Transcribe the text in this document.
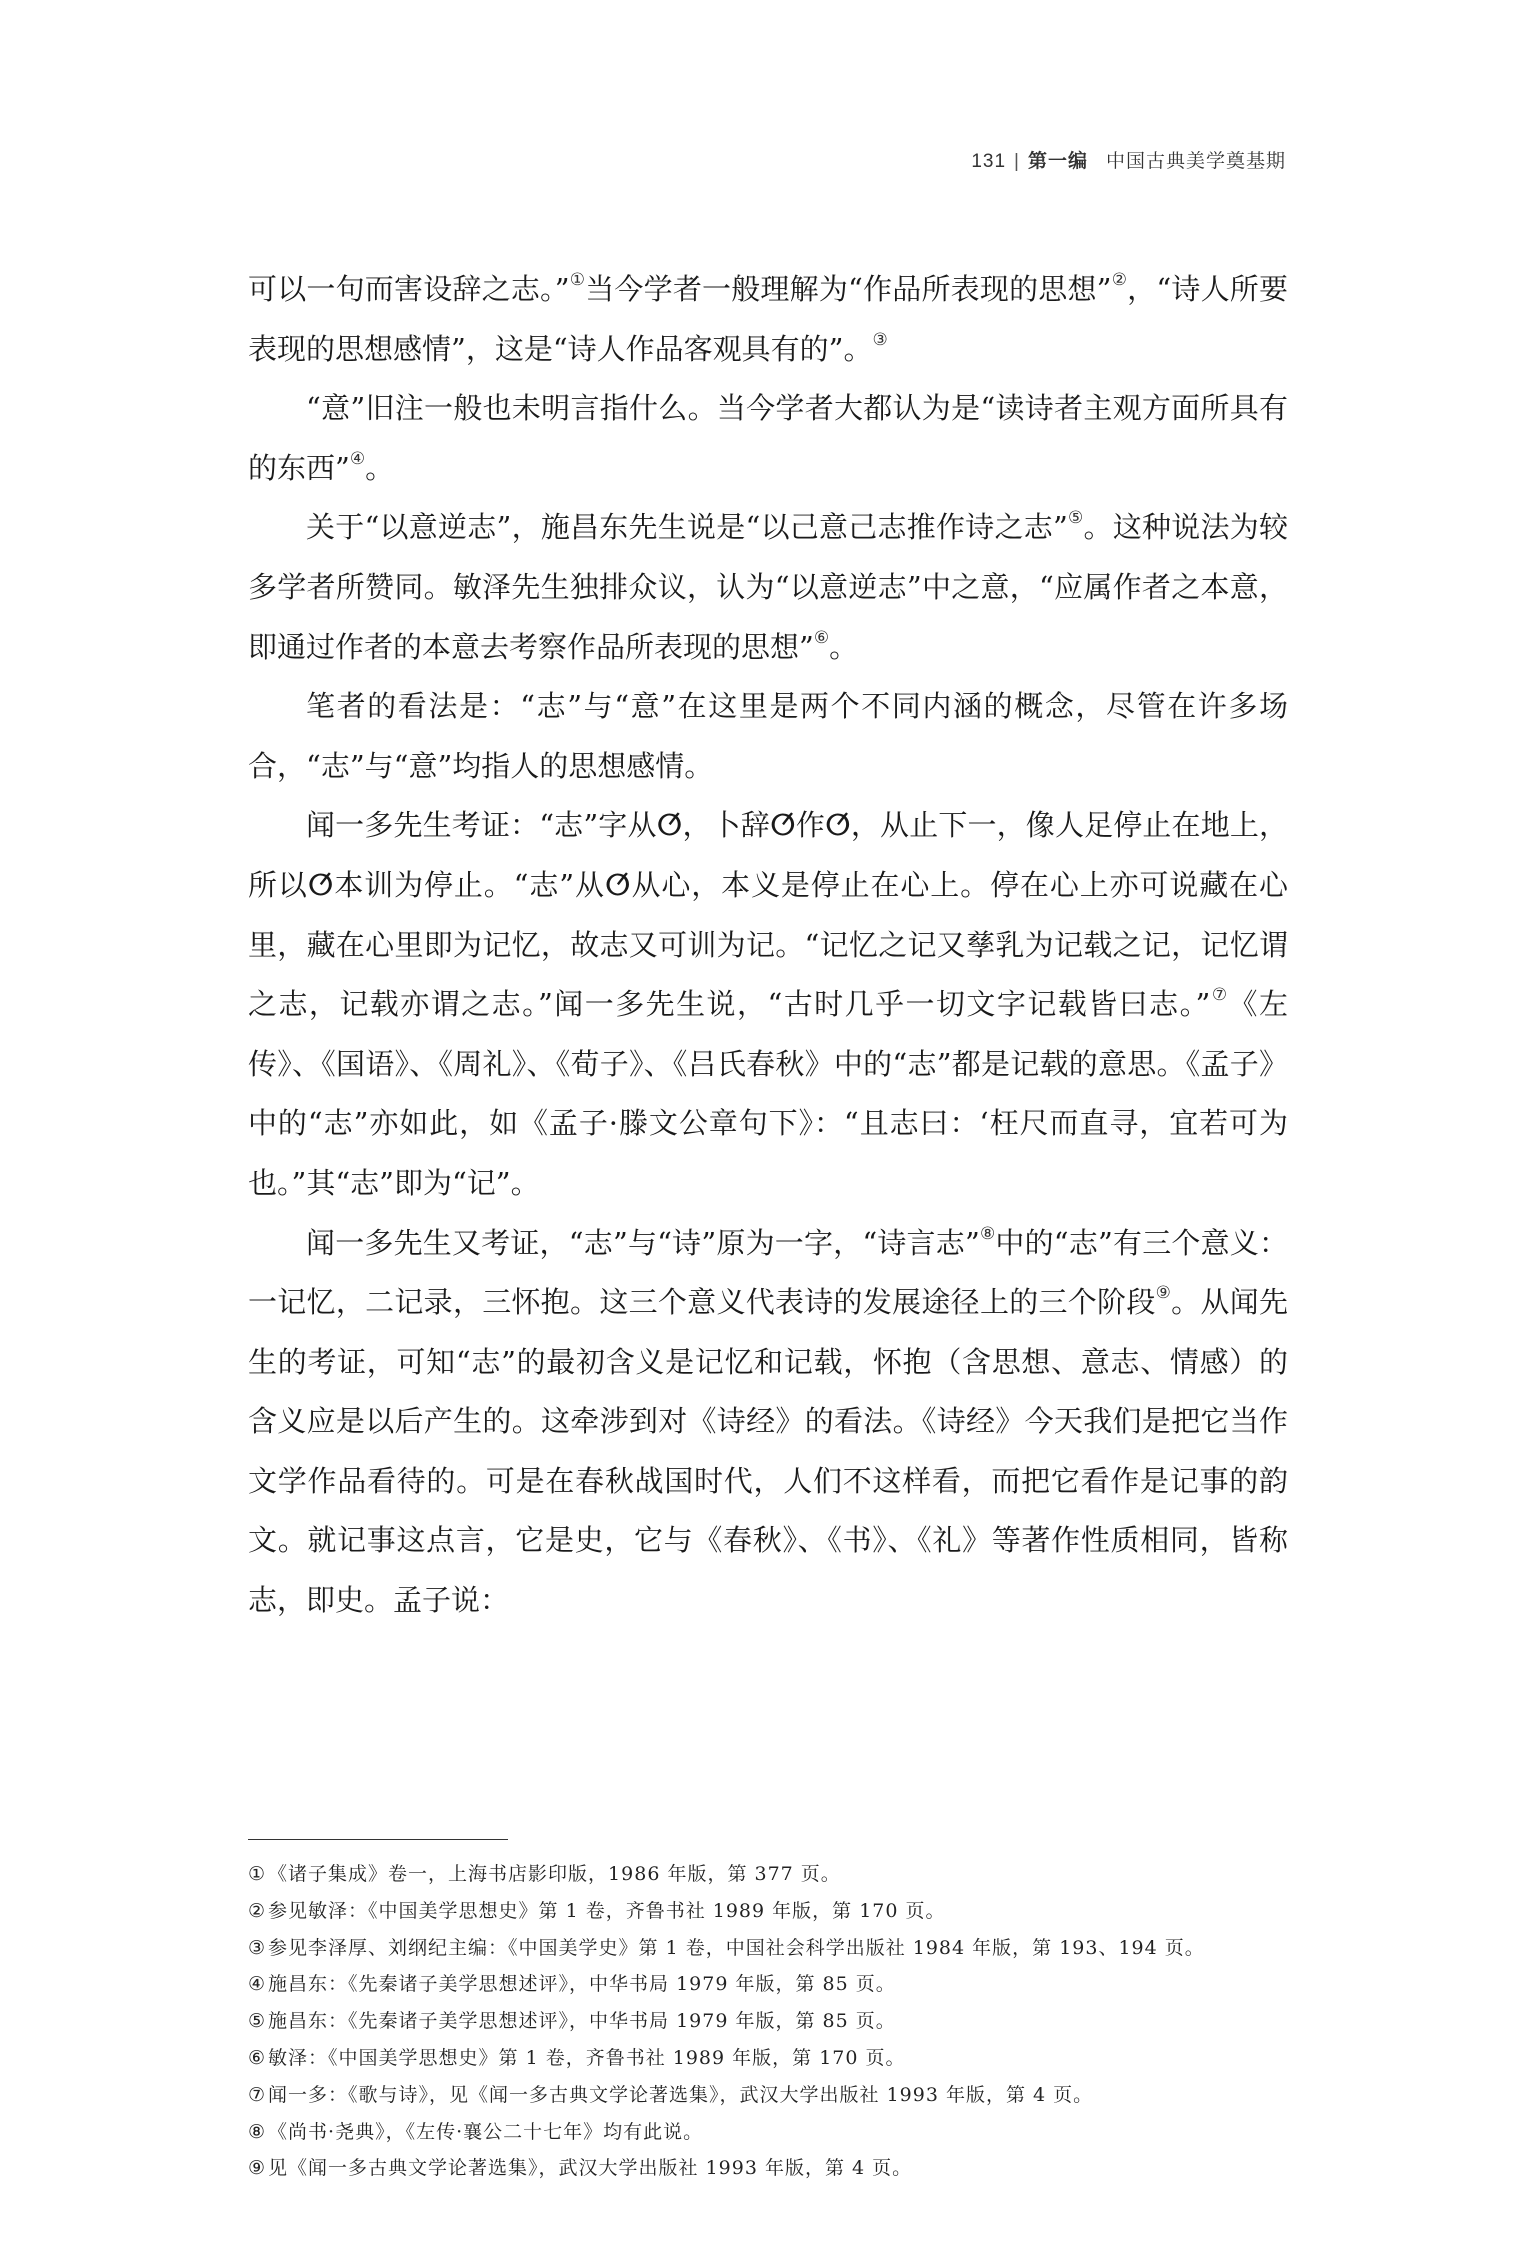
131 | 第一编 中国古典美学奠基期

可以一句而害设辞之志。”①当今学者一般理解为“作品所表现的思想”②，“诗人所要表现的思想感情”，这是“诗人作品客观具有的”。③

“意”旧注一般也未明言指什么。当今学者大都认为是“读诗者主观方面所具有的东西”④。

关于“以意逆志”，施昌东先生说是“以己意己志推作诗之志”⑤。这种说法为较多学者所赞同。敏泽先生独排众议，认为“以意逆志”中之意，“应属作者之本意，即通过作者的本意去考察作品所表现的思想”⑥。

笔者的看法是：“志”与“意”在这里是两个不同内涵的概念，尽管在许多场合，“志”与“意”均指人的思想感情。

闻一多先生考证：“志”字从ⵚ，卜辞ⵚ作ⵚ，从止下一，像人足停止在地上，所以ⵚ本训为停止。“志”从ⵚ从心，本义是停止在心上。停在心上亦可说藏在心里，藏在心里即为记忆，故志又可训为记。“记忆之记又孳乳为记载之记，记忆谓之志，记载亦谓之志。”闻一多先生说，“古时几乎一切文字记载皆曰志。”⑦《左传》、《国语》、《周礼》、《荀子》、《吕氏春秋》中的“志”都是记载的意思。《孟子》中的“志”亦如此，如《孟子·滕文公章句下》：“且志曰：‘枉尺而直寻，宜若可为也。”其“志”即为“记”。

闻一多先生又考证，“志”与“诗”原为一字，“诗言志”⑧中的“志”有三个意义：一记忆，二记录，三怀抱。这三个意义代表诗的发展途径上的三个阶段⑨。从闻先生的考证，可知“志”的最初含义是记忆和记载，怀抱（含思想、意志、情感）的含义应是以后产生的。这牵涉到对《诗经》的看法。《诗经》今天我们是把它当作文学作品看待的。可是在春秋战国时代，人们不这样看，而把它看作是记事的韵文。就记事这点言，它是史，它与《春秋》、《书》、《礼》等著作性质相同，皆称志，即史。孟子说：

① 《诸子集成》卷一，上海书店影印版，1986 年版，第 377 页。
② 参见敏泽：《中国美学思想史》第 1 卷，齐鲁书社 1989 年版，第 170 页。
③ 参见李泽厚、刘纲纪主编：《中国美学史》第 1 卷，中国社会科学出版社 1984 年版，第 193、194 页。
④ 施昌东：《先秦诸子美学思想述评》，中华书局 1979 年版，第 85 页。
⑤ 施昌东：《先秦诸子美学思想述评》，中华书局 1979 年版，第 85 页。
⑥ 敏泽：《中国美学思想史》第 1 卷，齐鲁书社 1989 年版，第 170 页。
⑦ 闻一多：《歌与诗》，见《闻一多古典文学论著选集》，武汉大学出版社 1993 年版，第 4 页。
⑧ 《尚书·尧典》，《左传·襄公二十七年》均有此说。
⑨ 见《闻一多古典文学论著选集》，武汉大学出版社 1993 年版，第 4 页。
